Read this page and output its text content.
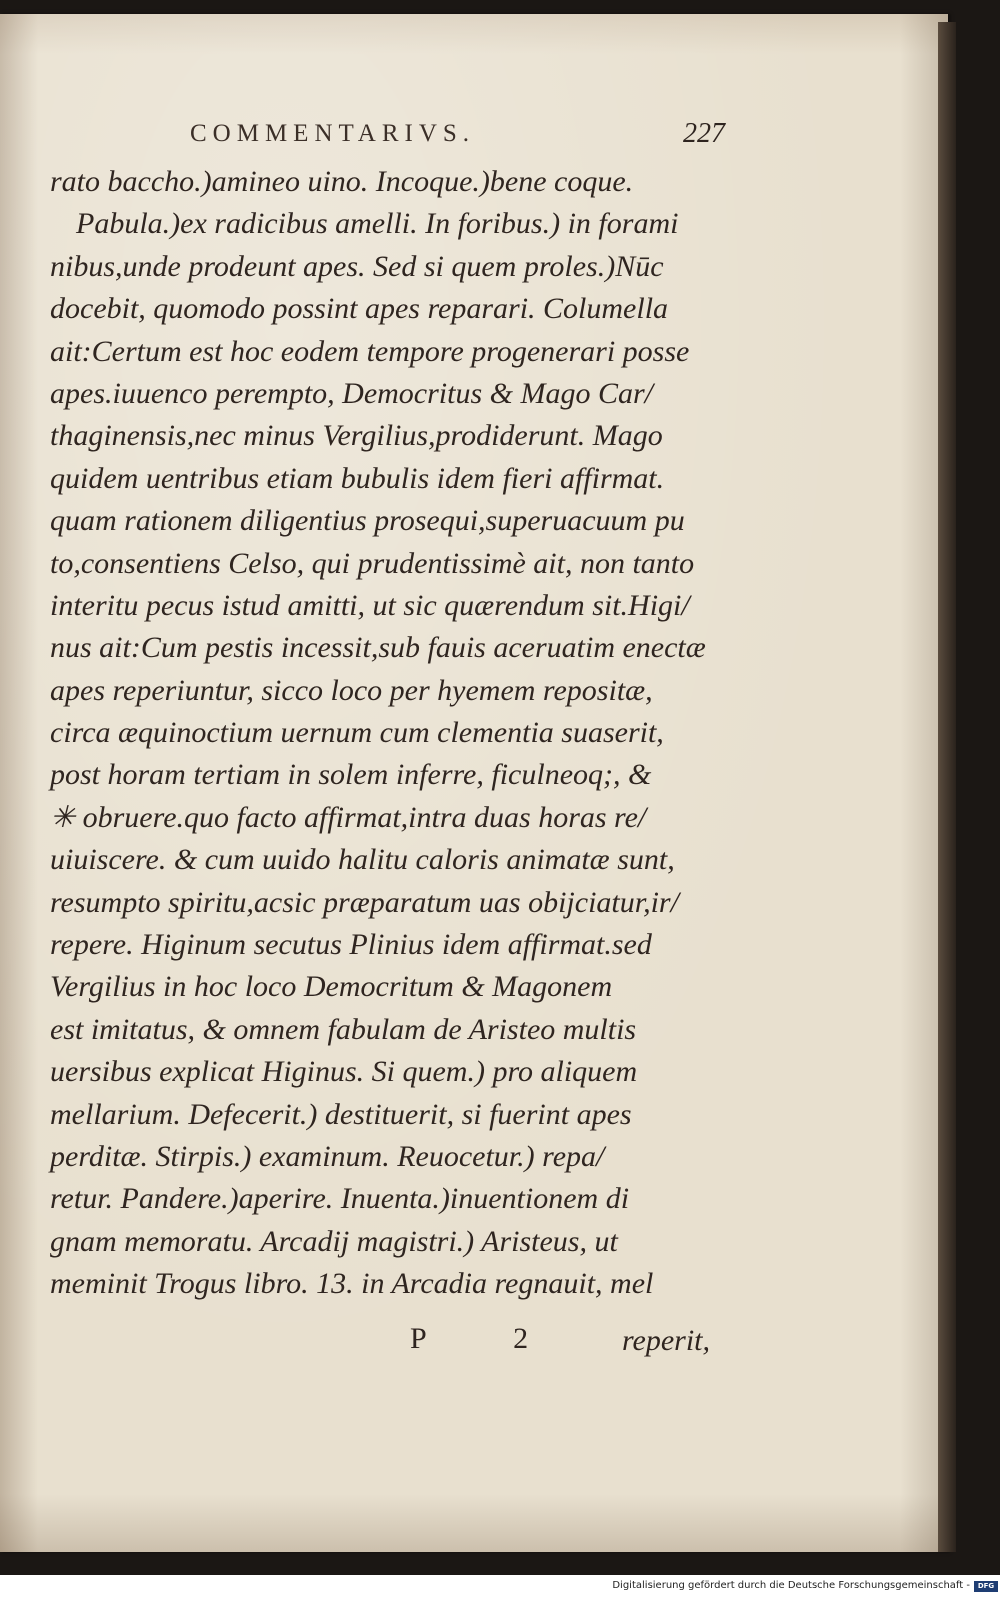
COMMENTARIVS.	227
rato baccho.)amineo uino. Incoque.)bene coque.
Pabula.)ex radicibus amelli. In foribus.) in forami
nibus,unde prodeunt apes. Sed si quem proles.)Nūc
docebit, quomodo possint apes reparari. Columella
ait:Certum est hoc eodem tempore progenerari posse
apes.iuuenco perempto, Democritus & Mago Car/
thaginensis,nec minus Vergilius,prodiderunt. Mago
quidem uentribus etiam bubulis idem fieri affirmat.
quam rationem diligentius prosequi,superuacuum pu
to,consentiens Celso, qui prudentissimè ait, non tanto
interitu pecus istud amitti, ut sic quærendum sit.Higi/
nus ait:Cum pestis incessit,sub fauis aceruatim enectæ
apes reperiuntur, sicco loco per hyemem repositæ,
circa æquinoctium uernum cum clementia suaserit,
post horam tertiam in solem inferre, ficulneoq;, &
✳ obruere.quo facto affirmat,intra duas horas re/
uiuiscere. & cum uuido halitu caloris animatæ sunt,
resumpto spiritu,acsic præparatum uas obijciatur,ir/
repere. Higinum secutus Plinius idem affirmat.sed
Vergilius in hoc loco Democritum & Magonem
est imitatus, & omnem fabulam de Aristeo multis
uersibus explicat Higinus. Si quem.) pro aliquem
mellarium. Defecerit.) destituerit, si fuerint apes
perditæ. Stirpis.) examinum. Reuocetur.) repa/
retur. Pandere.)aperire. Inuenta.)inuentionem di
gnam memoratu. Arcadij magistri.) Aristeus, ut
meminit Trogus libro. 13. in Arcadia regnauit, mel
P 2 reperit,
Digitalisierung gefördert durch die Deutsche Forschungsgemeinschaft -	DFG
